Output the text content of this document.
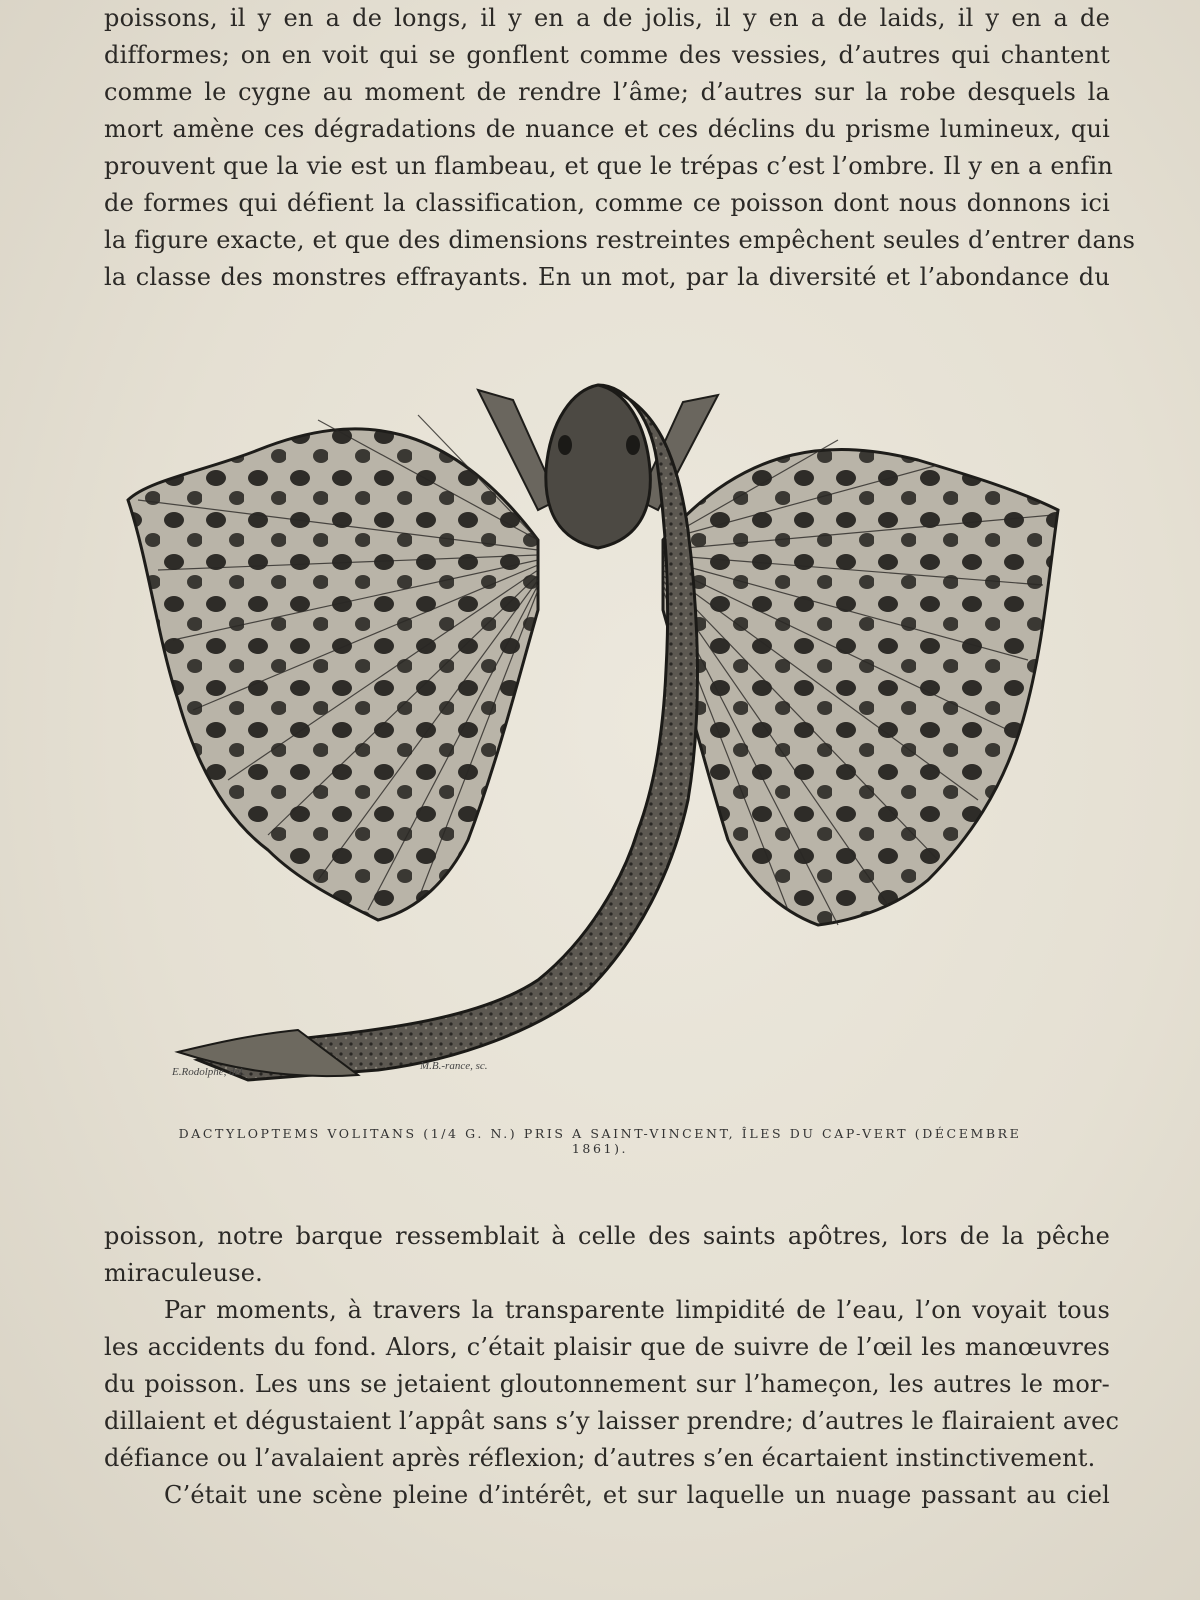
poissons, il y en a de longs, il y en a de jolis, il y en a de laids, il y en a de
difformes; on en voit qui se gonflent comme des vessies, d’autres qui chantent
comme le cygne au moment de rendre l’âme; d’autres sur la robe desquels la
mort amène ces dégradations de nuance et ces déclins du prisme lumineux, qui
prouvent que la vie est un flambeau, et que le trépas c’est l’ombre. Il y en a enfin
de formes qui défient la classification, comme ce poisson dont nous donnons ici
la figure exacte, et que des dimensions restreintes empêchent seules d’entrer dans
la classe des monstres effrayants. En un mot, par la diversité et l’abondance du
E.Rodolphe, del.	M.B.-rance, sc.
DACTYLOPTEMS VOLITANS (1/4 G. N.) PRIS A SAINT-VINCENT, ÎLES DU CAP-VERT (DÉCEMBRE 1861).
poisson, notre barque ressemblait à celle des saints apôtres, lors de la pêche
miraculeuse.
Par moments, à travers la transparente limpidité de l’eau, l’on voyait tous
les accidents du fond. Alors, c’était plaisir que de suivre de l’œil les manœuvres
du poisson. Les uns se jetaient gloutonnement sur l’hameçon, les autres le mor-
dillaient et dégustaient l’appât sans s’y laisser prendre; d’autres le flairaient avec
défiance ou l’avalaient après réflexion; d’autres s’en écartaient instinctivement.
C’était une scène pleine d’intérêt, et sur laquelle un nuage passant au ciel
